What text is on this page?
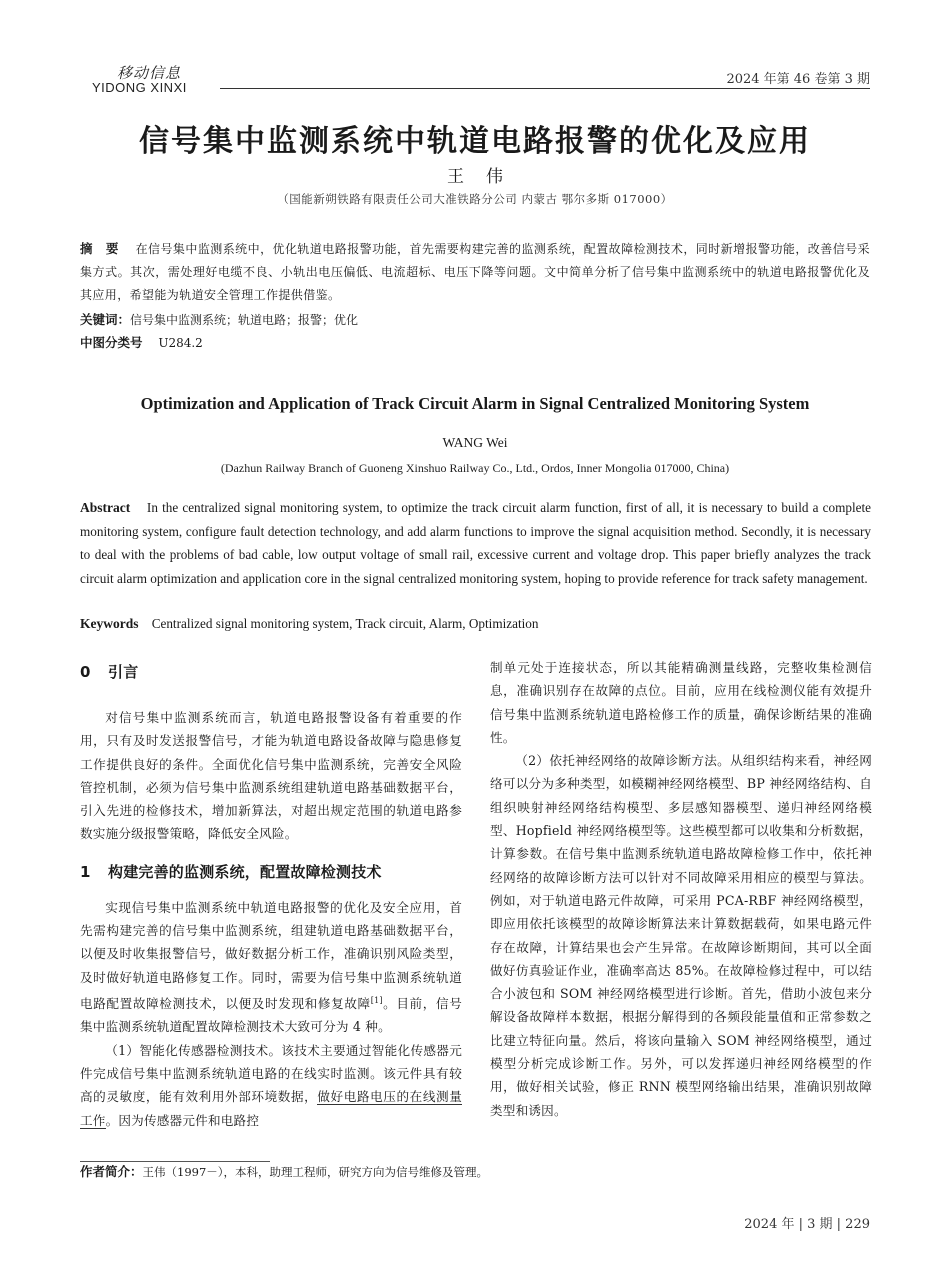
移动信息
YIDONG XINXI
2024 年第 46 卷第 3 期
信号集中监测系统中轨道电路报警的优化及应用
王伟
（国能新朔铁路有限责任公司大准铁路分公司 内蒙古 鄂尔多斯 017000）
摘　要　 在信号集中监测系统中，优化轨道电路报警功能，首先需要构建完善的监测系统，配置故障检测技术，同时新增报警功能，改善信号采集方式。其次，需处理好电缆不良、小轨出电压偏低、电流超标、电压下降等问题。文中简单分析了信号集中监测系统中的轨道电路报警优化及其应用，希望能为轨道安全管理工作提供借鉴。
关键词：信号集中监测系统；轨道电路；报警；优化
中图分类号　 U284.2
Optimization and Application of Track Circuit Alarm in Signal Centralized Monitoring System
WANG Wei
(Dazhun Railway Branch of Guoneng Xinshuo Railway Co., Ltd., Ordos, Inner Mongolia 017000, China)
Abstract In the centralized signal monitoring system, to optimize the track circuit alarm function, first of all, it is necessary to build a complete monitoring system, configure fault detection technology, and add alarm functions to improve the signal acquisition method. Secondly, it is necessary to deal with the problems of bad cable, low output voltage of small rail, excessive current and voltage drop. This paper briefly analyzes the track circuit alarm optimization and application core in the signal centralized monitoring system, hoping to provide reference for track safety management.
Keywords Centralized signal monitoring system, Track circuit, Alarm, Optimization
0 引言

对信号集中监测系统而言，轨道电路报警设备有着重要的作用，只有及时发送报警信号，才能为轨道电路设备故障与隐患修复工作提供良好的条件。全面优化信号集中监测系统，完善安全风险管控机制，必须为信号集中监测系统组建轨道电路基础数据平台，引入先进的检修技术，增加新算法，对超出规定范围的轨道电路参数实施分级报警策略，降低安全风险。

1 构建完善的监测系统，配置故障检测技术

实现信号集中监测系统中轨道电路报警的优化及安全应用，首先需构建完善的信号集中监测系统，组建轨道电路基础数据平台，以便及时收集报警信号，做好数据分析工作，准确识别风险类型，及时做好轨道电路修复工作。同时，需要为信号集中监测系统轨道电路配置故障检测技术，以便及时发现和修复故障[1]。目前，信号集中监测系统轨道配置故障检测技术大致可分为 4 种。

（1）智能化传感器检测技术。该技术主要通过智能化传感器元件完成信号集中监测系统轨道电路的在线实时监测。该元件具有较高的灵敏度，能有效利用外部环境数据，做好电路电压的在线测量工作。因为传感器元件和电路控

制单元处于连接状态，所以其能精确测量线路，完整收集检测信息，准确识别存在故障的点位。目前，应用在线检测仪能有效提升信号集中监测系统轨道电路检修工作的质量，确保诊断结果的准确性。

（2）依托神经网络的故障诊断方法。从组织结构来看，神经网络可以分为多种类型，如模糊神经网络模型、BP 神经网络结构、自组织映射神经网络结构模型、多层感知器模型、递归神经网络模型、Hopfield 神经网络模型等。这些模型都可以收集和分析数据，计算参数。在信号集中监测系统轨道电路故障检修工作中，依托神经网络的故障诊断方法可以针对不同故障采用相应的模型与算法。例如，对于轨道电路元件故障，可采用 PCA-RBF 神经网络模型，即应用依托该模型的故障诊断算法来计算数据载荷，如果电路元件存在故障，计算结果也会产生异常。在故障诊断期间，其可以全面做好仿真验证作业，准确率高达 85%。在故障检修过程中，可以结合小波包和 SOM 神经网络模型进行诊断。首先，借助小波包来分解设备故障样本数据，根据分解得到的各频段能量值和正常参数之比建立特征向量。然后，将该向量输入 SOM 神经网络模型，通过模型分析完成诊断工作。另外，可以发挥递归神经网络模型的作用，做好相关试验，修正 RNN 模型网络输出结果，准确识别故障类型和诱因。

作者简介：王伟（1997－），本科，助理工程师，研究方向为信号维修及管理。
2024 年 | 3 期 | 229
